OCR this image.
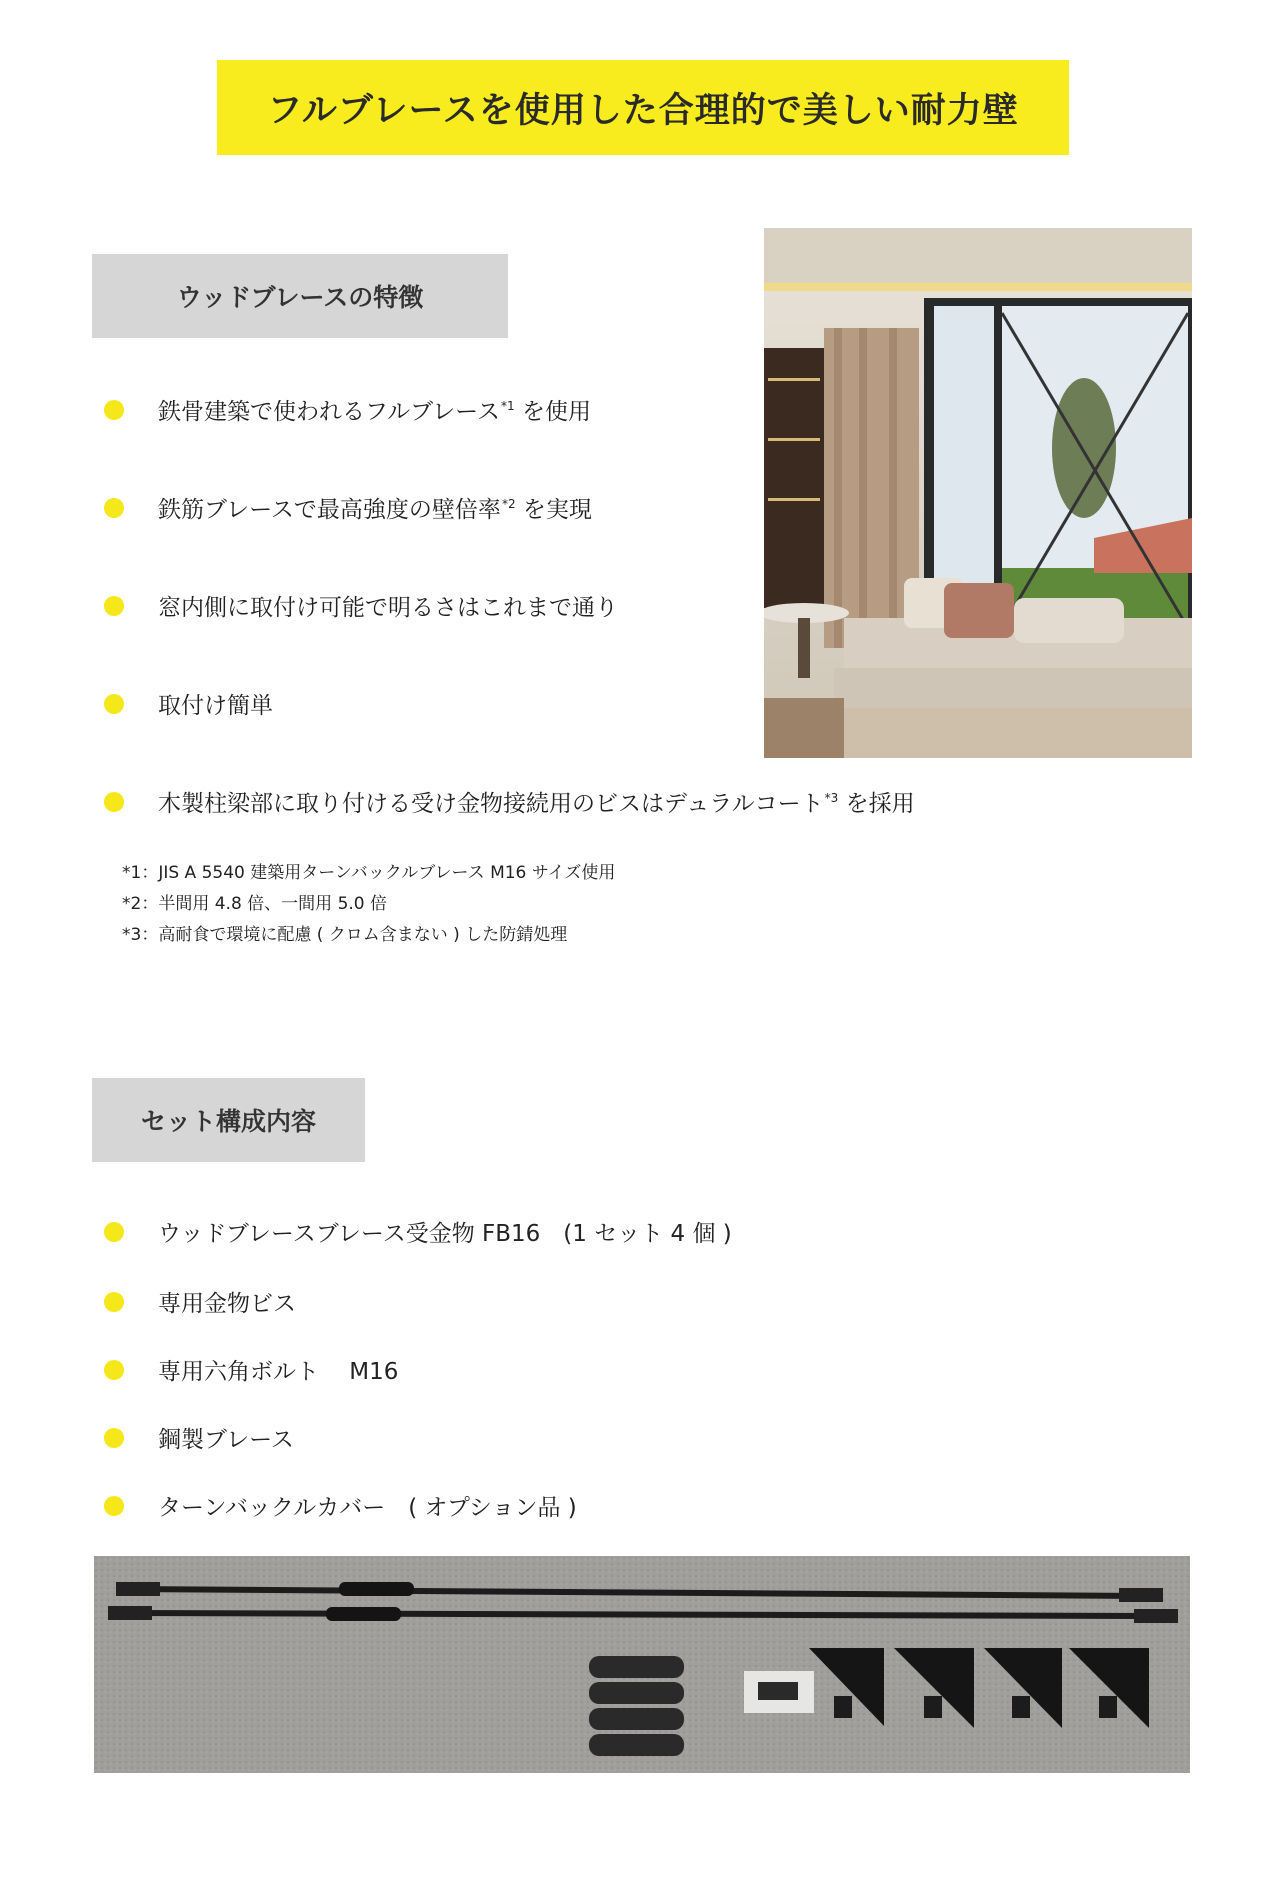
フルブレースを使用した合理的で美しい耐力壁
ウッドブレースの特徴
鉄骨建築で使われるフルブレース$^{*1}$ を使用
鉄筋ブレースで最高強度の壁倍率$^{*2}$ を実現
窓内側に取付け可能で明るさはこれまで通り
取付け簡単
木製柱梁部に取り付ける受け金物接続用のビスはデュラルコート$^{*3}$ を採用
*1：JIS A 5540 建築用ターンバックルブレース M16 サイズ使用
*2：半間用 4.8 倍、一間用 5.0 倍
*3：高耐食で環境に配慮 ( クロム含まない ) した防錆処理
セット構成内容
ウッドブレースブレース受金物 FB16　(1 セット 4 個 )
専用金物ビス
専用六角ボルト　 M16
鋼製ブレース
ターンバックルカバー　( オプション品 )
